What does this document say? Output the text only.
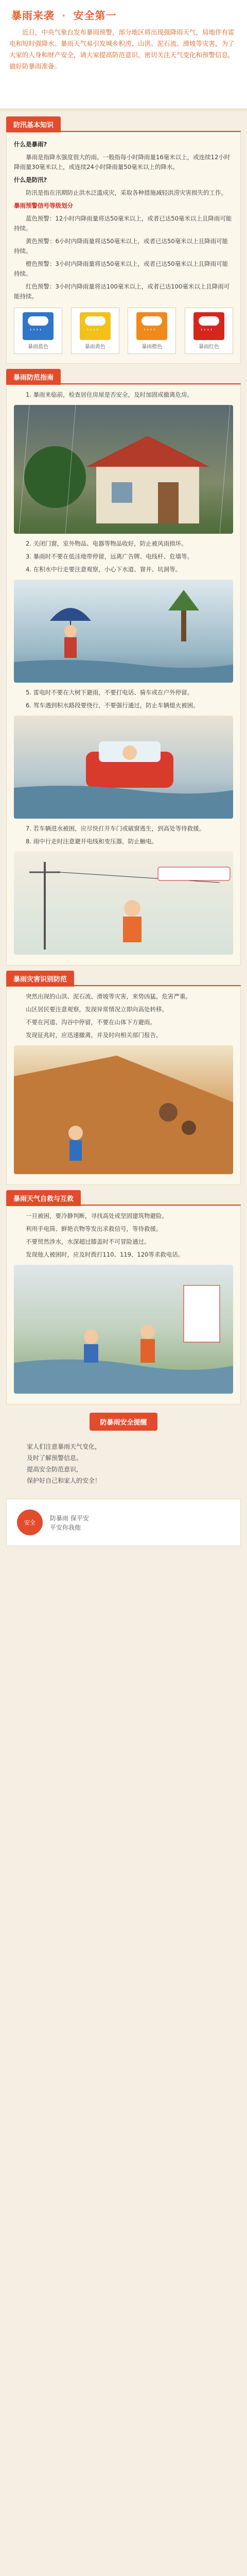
暴雨来袭 · 安全第一
近日，中央气象台发布暴雨预警，部分地区将出现强降雨天气，局地伴有雷电和短时强降水。暴雨天气易引发城乡积涝、山洪、泥石流、滑坡等灾害，为了大家的人身和财产安全，请大家提高防范意识，密切关注天气变化和预警信息，做好防暴雨准备。
防汛基本知识

什么是暴雨?

暴雨是指降水强度很大的雨。一般指每小时降雨量16毫米以上，或连续12小时降雨量30毫米以上，或连续24小时降雨量50毫米以上的降水。

什么是防汛?

防汛是指在汛期防止洪水泛滥成灾，采取各种措施减轻洪涝灾害损失的工作。

暴雨预警信号等级划分

蓝色预警：12小时内降雨量将达50毫米以上，或者已达50毫米以上且降雨可能持续。

黄色预警：6小时内降雨量将达50毫米以上，或者已达50毫米以上且降雨可能持续。

橙色预警：3小时内降雨量将达50毫米以上，或者已达50毫米以上且降雨可能持续。

红色预警：3小时内降雨量将达100毫米以上，或者已达100毫米以上且降雨可能持续。

''''
暴雨蓝色
''''
暴雨黄色
''''
暴雨橙色
''''
暴雨红色
暴雨防范指南

1. 暴雨来临前，检查居住房屋是否安全，及时加固或撤离危房。

2. 关闭门窗，室外物品、电器等物品收好，防止被风雨损坏。

3. 暴雨时不要在低洼地带停留，远离广告牌、电线杆、危墙等。

4. 在积水中行走要注意观察，小心下水道、窨井、坑洞等。

5. 雷电时不要在大树下避雨，不要打电话、骑车或在户外停留。

6. 驾车遇到积水路段要绕行，不要强行通过，防止车辆熄火被困。

7. 若车辆进水被困，应尽快打开车门或破窗逃生，到高处等待救援。

8. 雨中行走时注意避开电线和变压器，防止触电。

暴雨灾害识别防范

突然出现的山洪、泥石流、滑坡等灾害，来势凶猛，危害严重。

山区居民要注意观察，发现异常情况立即向高处转移。

不要在河道、沟谷中停留，不要在山体下方避雨。

发现征兆时，应迅速撤离，并及时向相关部门报告。

暴雨天气自救与互救

一旦被困，要冷静判断，寻找高处或坚固建筑物避险。

利用手电筒、鲜艳衣物等发出求救信号，等待救援。

不要贸然涉水，水深超过膝盖时不可冒险通过。

发现他人被困时，应及时拨打110、119、120等求救电话。

防暴雨安全提醒
家人们注意暴雨天气变化，
及时了解预警信息。
提高安全防范意识，
保护好自己和家人的安全！
安全
防暴雨 保平安
平安你我他
